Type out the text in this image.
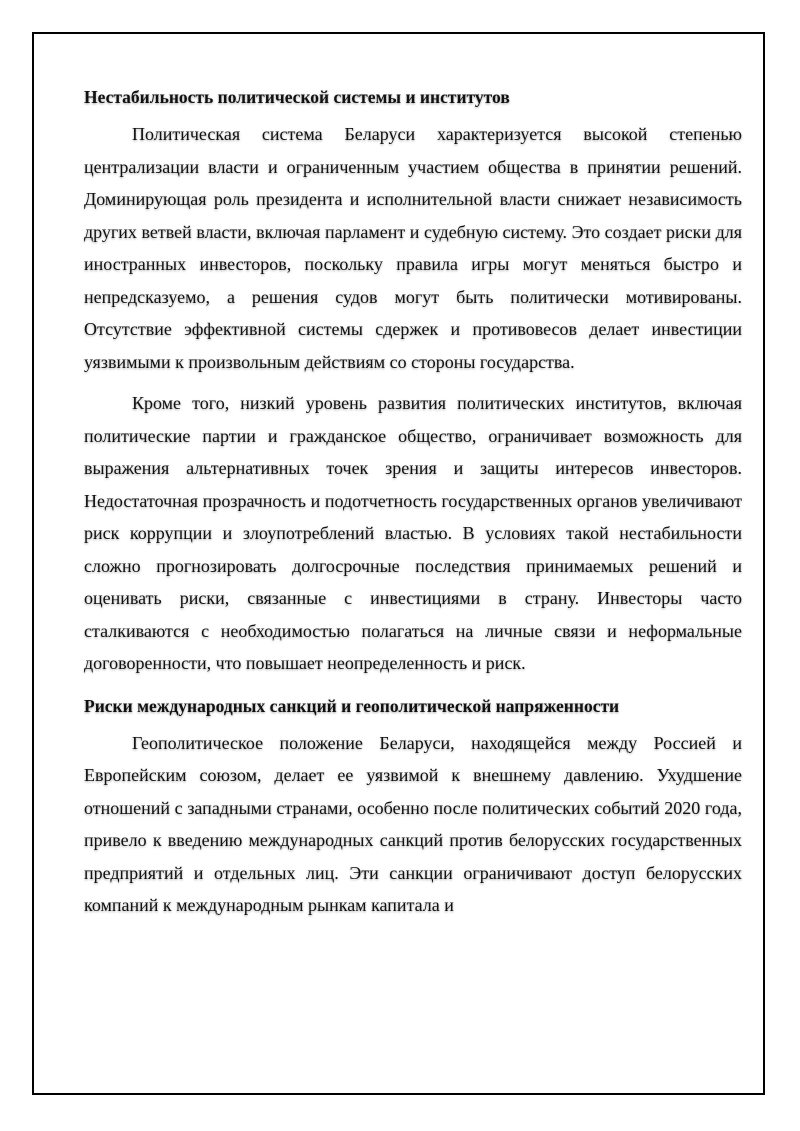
Нестабильность политической системы и институтов

Политическая система Беларуси характеризуется высокой степенью централизации власти и ограниченным участием общества в принятии решений. Доминирующая роль президента и исполнительной власти снижает независимость других ветвей власти, включая парламент и судебную систему. Это создает риски для иностранных инвесторов, поскольку правила игры могут меняться быстро и непредсказуемо, а решения судов могут быть политически мотивированы. Отсутствие эффективной системы сдержек и противовесов делает инвестиции уязвимыми к произвольным действиям со стороны государства.

Кроме того, низкий уровень развития политических институтов, включая политические партии и гражданское общество, ограничивает возможность для выражения альтернативных точек зрения и защиты интересов инвесторов. Недостаточная прозрачность и подотчетность государственных органов увеличивают риск коррупции и злоупотреблений властью. В условиях такой нестабильности сложно прогнозировать долгосрочные последствия принимаемых решений и оценивать риски, связанные с инвестициями в страну. Инвесторы часто сталкиваются с необходимостью полагаться на личные связи и неформальные договоренности, что повышает неопределенность и риск.

Риски международных санкций и геополитической напряженности

Геополитическое положение Беларуси, находящейся между Россией и Европейским союзом, делает ее уязвимой к внешнему давлению. Ухудшение отношений с западными странами, особенно после политических событий 2020 года, привело к введению международных санкций против белорусских государственных предприятий и отдельных лиц. Эти санкции ограничивают доступ белорусских компаний к международным рынкам капитала и
